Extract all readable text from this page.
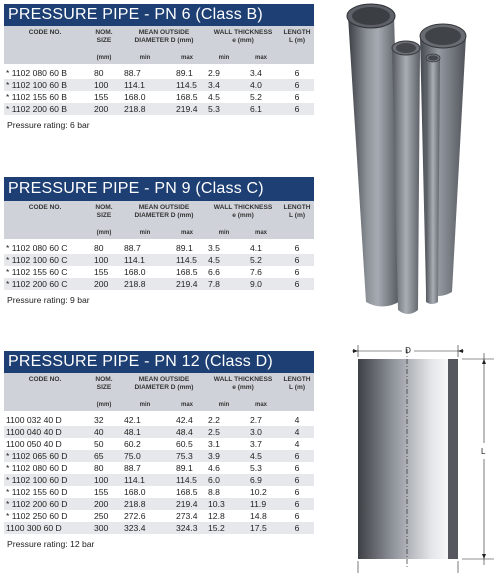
PRESSURE PIPE - PN 6 (Class B)
CODE NO.	NOM.
SIZE	MEAN OUTSIDE
DIAMETER D (mm)		WALL THICKNESS
e (mm)		LENGTH
L (m)
	(mm)	min	max	min	max	
* 1102 080 60 B	80	88.7	89.1	2.9	3.4	6
* 1102 100 60 B	100	114.1	114.5	3.4	4.0	6
* 1102 155 60 B	155	168.0	168.5	4.5	5.2	6
* 1102 200 60 B	200	218.8	219.4	5.3	6.1	6
Pressure rating: 6 bar
PRESSURE PIPE - PN 9 (Class C)
CODE NO.	NOM.
SIZE	MEAN OUTSIDE
DIAMETER D (mm)		WALL THICKNESS
e (mm)		LENGTH
L (m)
	(mm)	min	max	min	max	
* 1102 080 60 C	80	88.7	89.1	3.5	4.1	6
* 1102 100 60 C	100	114.1	114.5	4.5	5.2	6
* 1102 155 60 C	155	168.0	168.5	6.6	7.6	6
* 1102 200 60 C	200	218.8	219.4	7.8	9.0	6
Pressure rating: 9 bar
PRESSURE PIPE - PN 12 (Class D)
CODE NO.	NOM.
SIZE	MEAN OUTSIDE
DIAMETER D (mm)		WALL THICKNESS
e (mm)		LENGTH
L (m)
	(mm)	min	max	min	max	
1100 032 40 D	32	42.1	42.4	2.2	2.7	4
1100 040 40 D	40	48.1	48.4	2.5	3.0	4
1100 050 40 D	50	60.2	60.5	3.1	3.7	4
* 1102 065 60 D	65	75.0	75.3	3.9	4.5	6
* 1102 080 60 D	80	88.7	89.1	4.6	5.3	6
* 1102 100 60 D	100	114.1	114.5	6.0	6.9	6
* 1102 155 60 D	155	168.0	168.5	8.8	10.2	6
* 1102 200 60 D	200	218.8	219.4	10.3	11.9	6
* 1102 250 60 D	250	272.6	273.4	12.8	14.8	6
1100 300 60 D	300	323.4	324.3	15.2	17.5	6
Pressure rating: 12 bar
D
L
